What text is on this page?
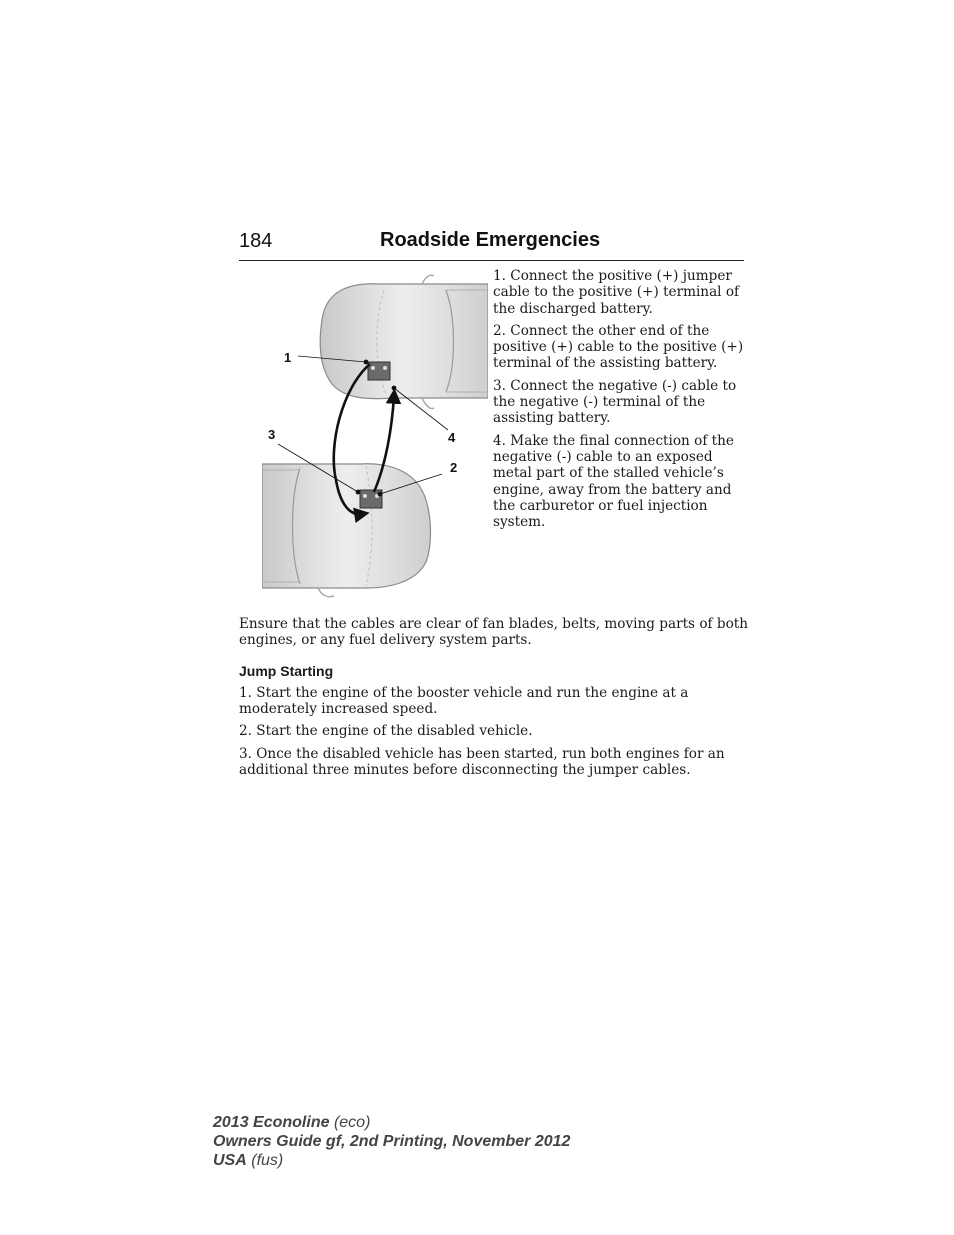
184	Roadside Emergencies
1
2
3	4

1. Connect the positive (+) jumper cable to the positive (+) terminal of the discharged battery.

2. Connect the other end of the positive (+) cable to the positive (+) terminal of the assisting battery.

3. Connect the negative (-) cable to the negative (-) terminal of the assisting battery.

4. Make the final connection of the negative (-) cable to an exposed metal part of the stalled vehicle’s engine, away from the battery and the carburetor or fuel injection system.

Ensure that the cables are clear of fan blades, belts, moving parts of both engines, or any fuel delivery system parts.

Jump Starting

1. Start the engine of the booster vehicle and run the engine at a moderately increased speed.

2. Start the engine of the disabled vehicle.

3. Once the disabled vehicle has been started, run both engines for an additional three minutes before disconnecting the jumper cables.

2013 Econoline (eco)
Owners Guide gf, 2nd Printing, November 2012
USA (fus)
